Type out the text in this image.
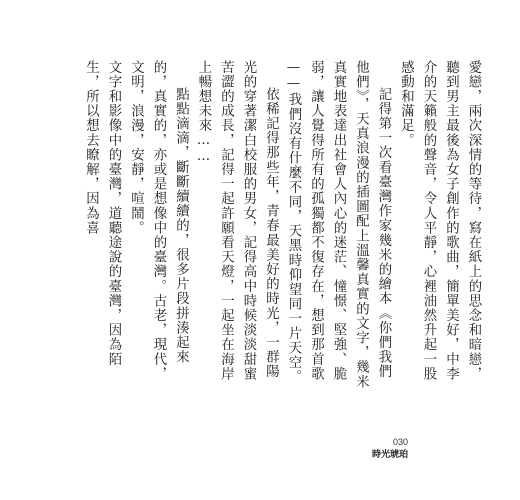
愛戀，兩次深情的等待，寫在紙上的思念和暗戀，聽到男主最後為女子創作的歌曲，簡單美好，中李介的天籟般的聲音，令人平靜，心裡油然升起一股感動和滿足。

記得第一次看臺灣作家幾米的繪本《你們我們他們》，天真浪漫的插圖配上溫馨真實的文字，幾米真實地表達出社會人內心的迷茫、憧憬、堅強、脆弱，讓人覺得所有的孤獨都不復存在，想到那首歌——我們沒有什麼不同，天黑時仰望同一片天空。

依稀記得那些年，青春最美好的時光，一群陽光的穿著潔白校服的男女，記得高中時候淡淡甜蜜苦澀的成長，記得一起許願看天燈，一起坐在海岸上暢想未來……

點點滴滴，斷斷續續的，很多片段拼湊起來的，真實的，亦或是想像中的臺灣。古老，現代，文明，浪漫，安靜，喧鬧。

文字和影像中的臺灣，道聽途說的臺灣，因為陌生，所以想去瞭解，因為喜

030
時光琥珀
